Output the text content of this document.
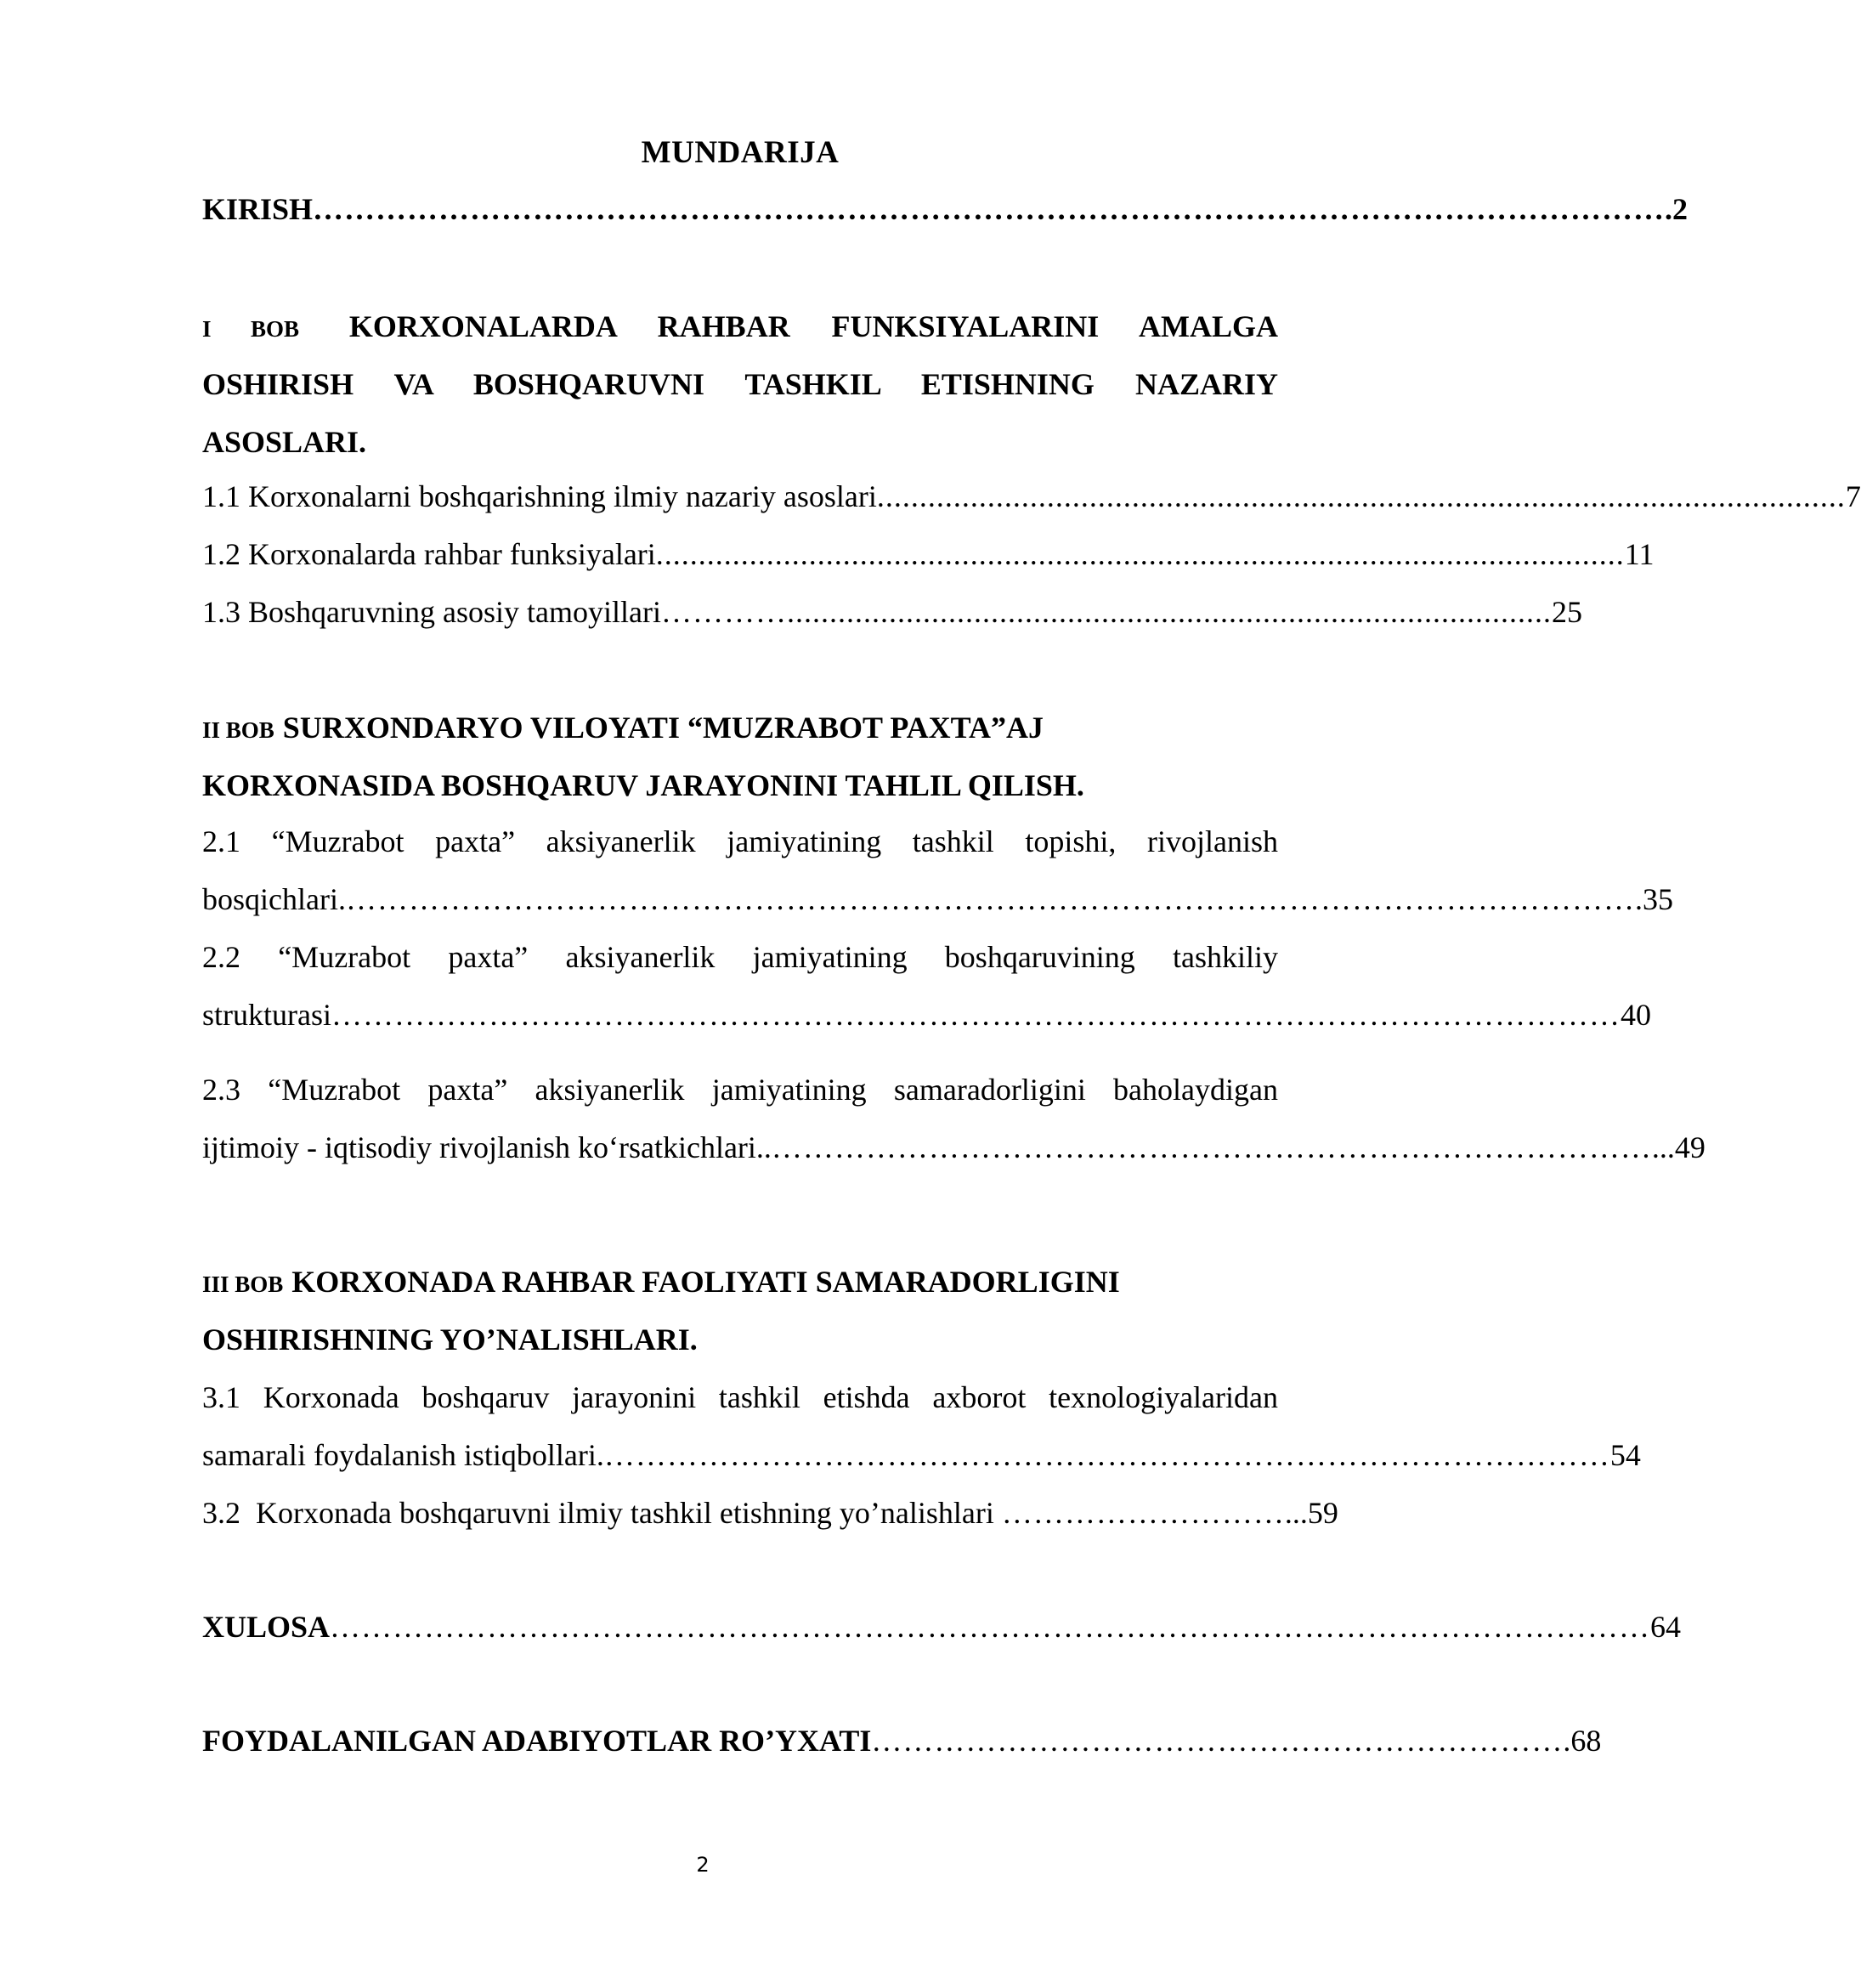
MUNDARIJA
KIRISH ………………………………………………………………………………………………………………… .2
I BOB KORXONALARDA RAHBAR FUNKSIYALARINI AMALGA
OSHIRISH VA BOSHQARUVNI TASHKIL ETISHNING NAZARIY
ASOSLARI.
1.1 Korxonalarni boshqarishning ilmiy nazariy asoslari .................................................................................................................. 7
1.2 Korxonalarda rahbar funksiyalari .................................................................................................................. 11
1.3 Boshqaruvning asosiy tamoyillari ………….......................................................................................... 25
II BOB SURXONDARYO VILOYATI “MUZRABOT PAXTA”AJ
KORXONASIDA BOSHQARUV JARAYONINI TAHLIL QILISH.
2.1 “Muzrabot paxta” aksiyanerlik jamiyatining tashkil topishi, rivojlanish
bosqichlari. …………………………………………………………………………………………………………… .35
2.2 “Muzrabot paxta” aksiyanerlik jamiyatining boshqaruvining tashkiliy
strukturasi …………………………………………………………………………………………………………… 40
2.3 “Muzrabot paxta” aksiyanerlik jamiyatining samaradorligini baholaydigan
ijtimoiy - iqtisodiy rivojlanish ko‘rsatkichlari.. ………………………………………………………………………… ...49
III BOB KORXONADA RAHBAR FAOLIYATI SAMARADORLIGINI
OSHIRISHNING YO’NALISHLARI.
3.1 Korxonada boshqaruv jarayonini tashkil etishda axborot texnologiyalaridan
samarali foydalanish istiqbollari. …………………………………………………………………………………… 54
3.2  Korxonada boshqaruvni ilmiy tashkil etishning yo’nalishlari ……………………… ...59
XULOSA ……………………………………………………………………………………………………………… 64
FOYDALANILGAN ADABIYOTLAR RO’YXATI ………………………………………………………… .68
2
